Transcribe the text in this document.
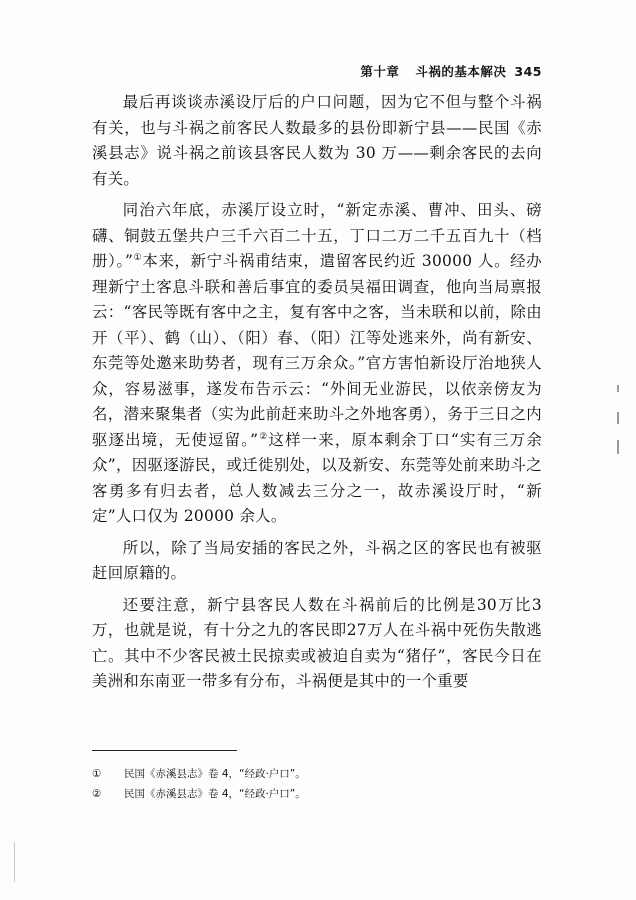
第十章 斗祸的基本解决 345

最后再谈谈赤溪设厅后的户口问题，因为它不但与整个斗祸有关，也与斗祸之前客民人数最多的县份即新宁县——民国《赤溪县志》说斗祸之前该县客民人数为 30 万——剩余客民的去向有关。

同治六年底，赤溪厅设立时，“新定赤溪、曹冲、田头、磅礴、铜鼓五堡共户三千六百二十五，丁口二万二千五百九十（档册）。”①本来，新宁斗祸甫结束，遣留客民约近 30000 人。经办理新宁土客息斗联和善后事宜的委员吴福田调查，他向当局禀报云：“客民等既有客中之主，复有客中之客，当未联和以前，除由开（平）、鹤（山）、（阳）春、（阳）江等处逃来外，尚有新安、东莞等处邀来助势者，现有三万余众。”官方害怕新设厅治地狭人众，容易滋事，遂发布告示云：“外间无业游民，以依亲傍友为名，潜来聚集者（实为此前赶来助斗之外地客勇），务于三日之内驱逐出境，无使逗留。”②这样一来，原本剩余丁口“实有三万余众”，因驱逐游民，或迁徙别处，以及新安、东莞等处前来助斗之客勇多有归去者，总人数减去三分之一，故赤溪设厅时，“新定”人口仅为 20000 余人。

所以，除了当局安插的客民之外，斗祸之区的客民也有被驱赶回原籍的。

还要注意，新宁县客民人数在斗祸前后的比例是30万比3万，也就是说，有十分之九的客民即27万人在斗祸中死伤失散逃亡。其中不少客民被土民掠卖或被迫自卖为“猪仔”，客民今日在美洲和东南亚一带多有分布，斗祸便是其中的一个重要

①	民国《赤溪县志》卷 4，“经政·户口”。
②	民国《赤溪县志》卷 4，“经政·户口”。
